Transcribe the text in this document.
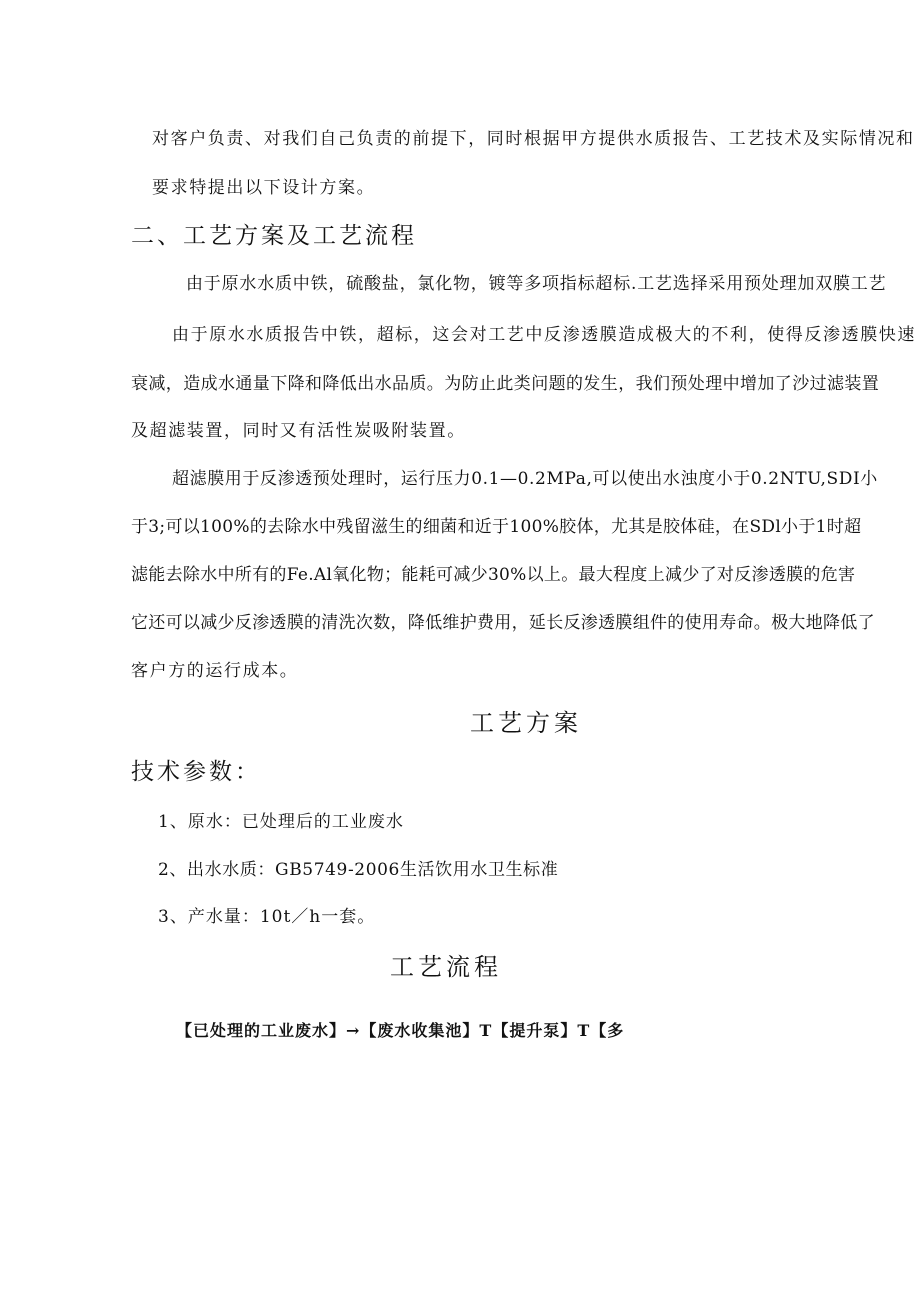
对客户负责、对我们自己负责的前提下，同时根据甲方提供水质报告、工艺技术及实际情况和
要求特提出以下设计方案。
二、工艺方案及工艺流程
由于原水水质中铁，硫酸盐，氯化物，镀等多项指标超标.工艺选择采用预处理加双膜工艺
由于原水水质报告中铁，超标，这会对工艺中反渗透膜造成极大的不利，使得反渗透膜快速
衰减，造成水通量下降和降低出水品质。为防止此类问题的发生，我们预处理中增加了沙过滤装置
及超滤装置，同时又有活性炭吸附装置。
超滤膜用于反渗透预处理时，运行压力0.1—0.2MPa,可以使出水浊度小于0.2NTU,SDI小
于3;可以100%的去除水中残留滋生的细菌和近于100%胶体，尤其是胶体硅，在SDl小于1时超
滤能去除水中所有的Fe.Al氧化物；能耗可减少30%以上。最大程度上减少了对反渗透膜的危害
它还可以减少反渗透膜的清洗次数，降低维护费用，延长反渗透膜组件的使用寿命。极大地降低了
客户方的运行成本。
工艺方案
技术参数：
1、原水：已处理后的工业废水
2、出水水质：GB5749-2006生活饮用水卫生标准
3、产水量：10t／h一套。
工艺流程
【已处理的工业废水】→【废水收集池】T【提升泵】T【多
